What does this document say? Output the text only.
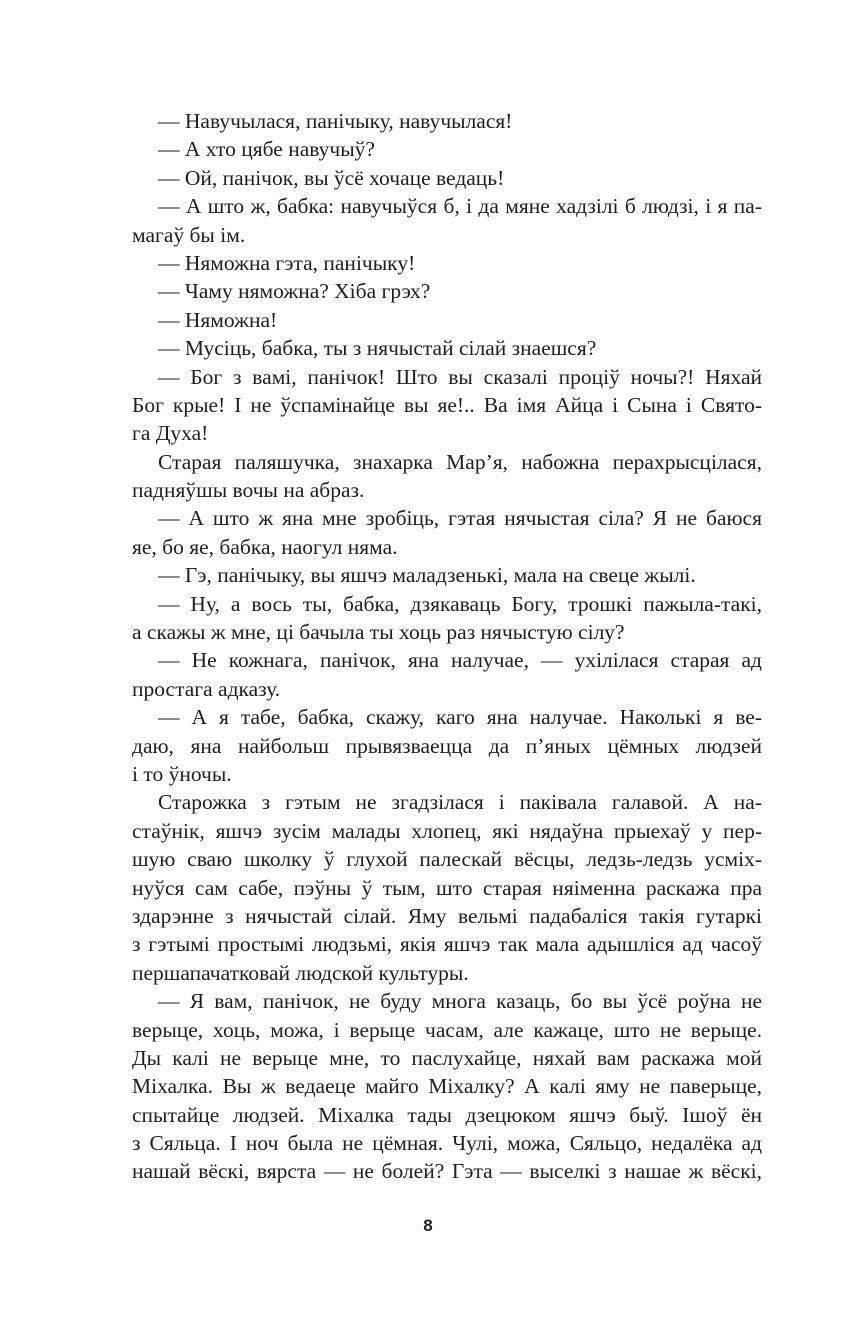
— Навучылася, панічыку, навучылася!
— А хто цябе навучыў?
— Ой, панічок, вы ўсё хочаце ведаць!
— А што ж, бабка: навучыўся б, і да мяне хадзілі б людзі, і я па-
магаў бы ім.
— Няможна гэта, панічыку!
— Чаму няможна? Хіба грэх?
— Няможна!
— Мусіць, бабка, ты з нячыстай сілай знаешся?
— Бог з вамі, панічок! Што вы сказалі проціў ночы?! Няхай
Бог крые! І не ўспамінайце вы яе!.. Ва імя Айца і Сына і Свято-
га Духа!
Старая паляшучка, знахарка Мар’я, набожна перахрысцілася,
падняўшы вочы на абраз.
— А што ж яна мне зробіць, гэтая нячыстая сіла? Я не баюся
яе, бо яе, бабка, наогул няма.
— Гэ, панічыку, вы яшчэ маладзенькі, мала на свеце жылі.
— Ну, а вось ты, бабка, дзякаваць Богу, трошкі пажыла-такі,
а скажы ж мне, ці бачыла ты хоць раз нячыстую сілу?
— Не кожнага, панічок, яна налучае, — ухілілася старая ад
простага адказу.
— А я табе, бабка, скажу, каго яна налучае. Наколькі я ве-
даю, яна найбольш прывязваецца да п’яных цёмных людзей
і то ўночы.
Старожка з гэтым не згадзілася і паківала галавой. А на-
стаўнік, яшчэ зусім малады хлопец, які нядаўна прыехаў у пер-
шую сваю школку ў глухой палескай вёсцы, ледзь-ледзь усміх-
нуўся сам сабе, пэўны ў тым, што старая няіменна раскажа пра
здарэнне з нячыстай сілай. Яму вельмі падабаліся такія гутаркі
з гэтымі простымі людзьмі, якія яшчэ так мала адышліся ад часоў
першапачатковай людской культуры.
— Я вам, панічок, не буду многа казаць, бо вы ўсё роўна не
верыце, хоць, можа, і верыце часам, але кажаце, што не верыце.
Ды калі не верыце мне, то паслухайце, няхай вам раскажа мой
Міхалка. Вы ж ведаеце майго Міхалку? А калі яму не паверыце,
спытайце людзей. Міхалка тады дзецюком яшчэ быў. Ішоў ён
з Сяльца. І ноч была не цёмная. Чулі, можа, Сяльцо, недалёка ад
нашай вёскі, вярста — не болей? Гэта — выселкі з нашае ж вёскі,
8
